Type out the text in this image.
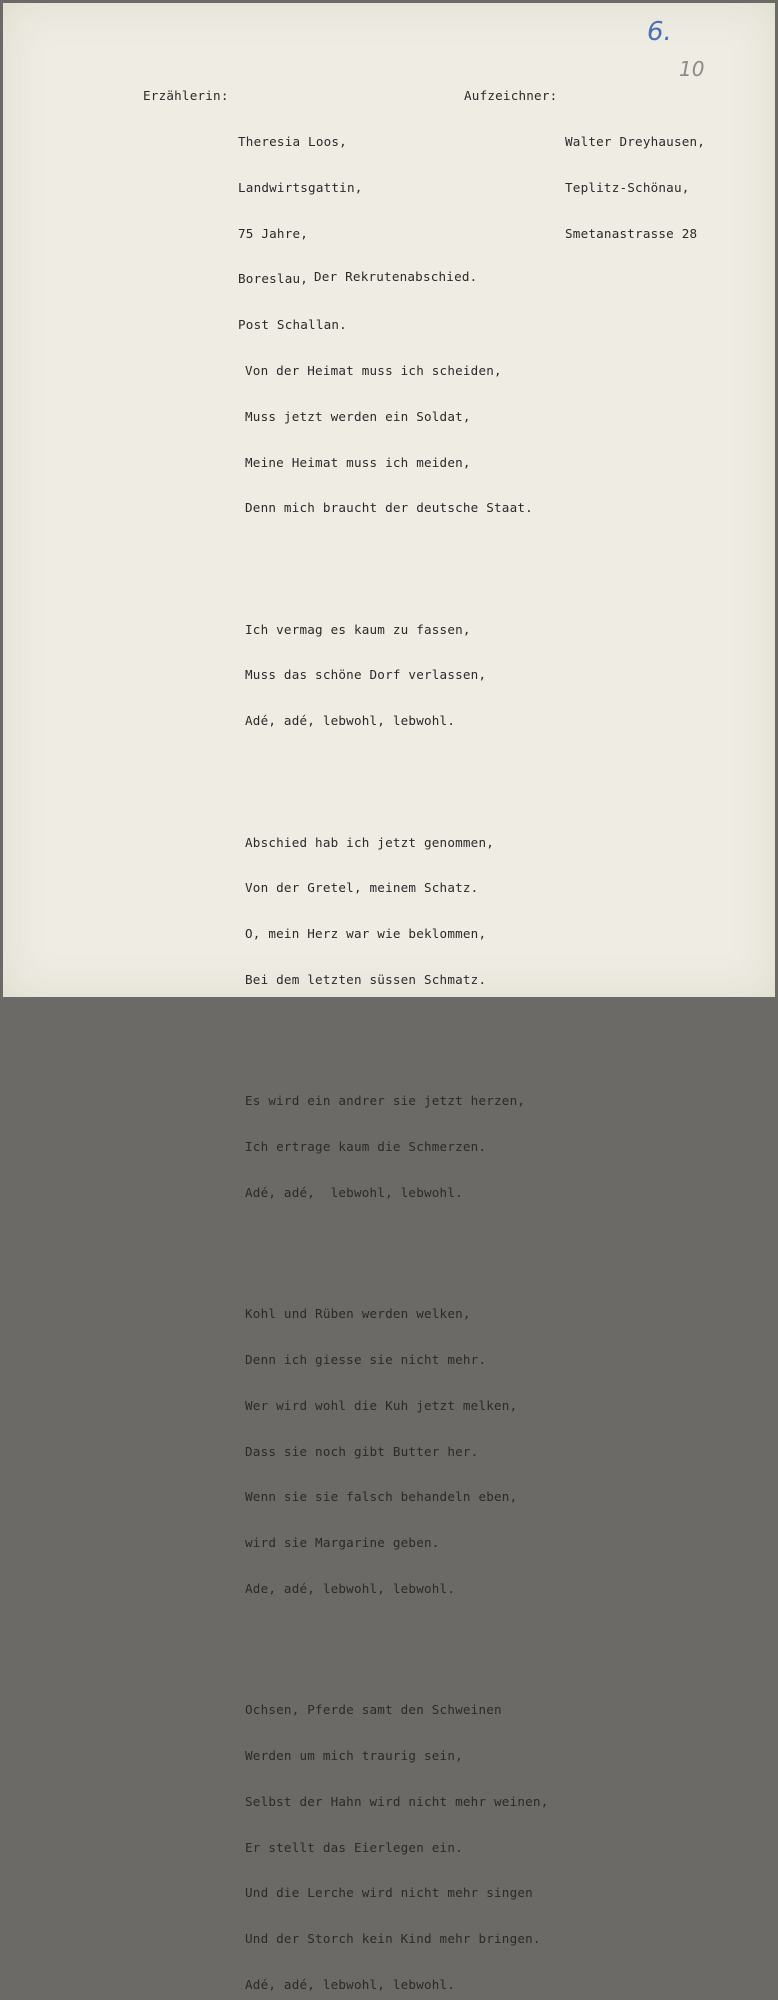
6.
10
Erzählerin:

Theresia Loos,

Landwirtsgattin,

75 Jahre,

Boreslau,

Post Schallan.

Aufzeichner:

Walter Dreyhausen,

Teplitz-Schönau,

Smetanastrasse 28

Der Rekrutenabschied.

Von der Heimat muss ich scheiden,

Muss jetzt werden ein Soldat,

Meine Heimat muss ich meiden,

Denn mich braucht der deutsche Staat.

Ich vermag es kaum zu fassen,

Muss das schöne Dorf verlassen,

Adé, adé, lebwohl, lebwohl.

Abschied hab ich jetzt genommen,

Von der Gretel, meinem Schatz.

O, mein Herz war wie beklommen,

Bei dem letzten süssen Schmatz.

Es wird ein andrer sie jetzt herzen,

Ich ertrage kaum die Schmerzen.

Adé, adé,  lebwohl, lebwohl.

Kohl und Rüben werden welken,

Denn ich giesse sie nicht mehr.

Wer wird wohl die Kuh jetzt melken,

Dass sie noch gibt Butter her.

Wenn sie sie falsch behandeln eben,

wird sie Margarine geben.

Ade, adé, lebwohl, lebwohl.

Ochsen, Pferde samt den Schweinen

Werden um mich traurig sein,

Selbst der Hahn wird nicht mehr weinen,

Er stellt das Eierlegen ein.

Und die Lerche wird nicht mehr singen

Und der Storch kein Kind mehr bringen.

Adé, adé, lebwohl, lebwohl.
